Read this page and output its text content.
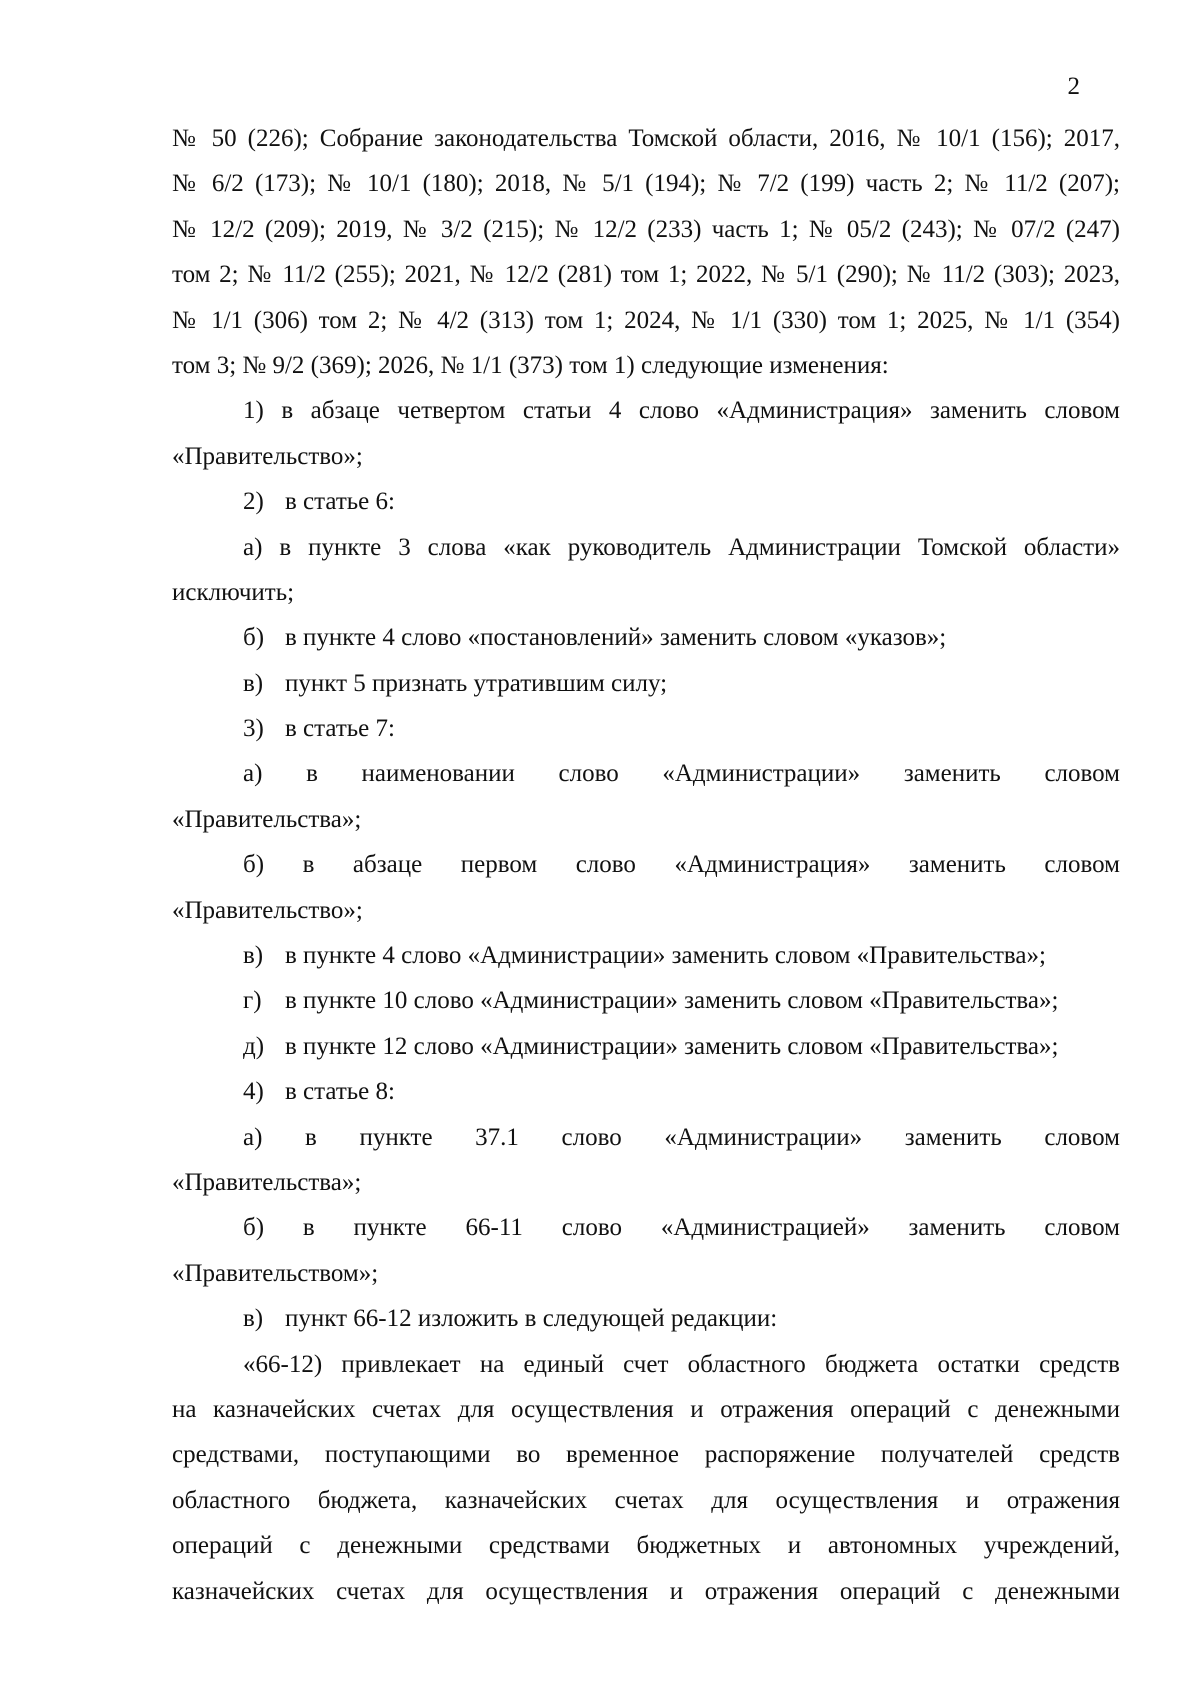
2
№ 50 (226); Собрание законодательства Томской области, 2016, № 10/1 (156); 2017,
№ 6/2 (173); № 10/1 (180); 2018, № 5/1 (194); № 7/2 (199) часть 2; № 11/2 (207);
№ 12/2 (209); 2019, № 3/2 (215); № 12/2 (233) часть 1; № 05/2 (243); № 07/2 (247)
том 2; № 11/2 (255); 2021, № 12/2 (281) том 1; 2022, № 5/1 (290); № 11/2 (303); 2023,
№ 1/1 (306) том 2; № 4/2 (313) том 1; 2024, № 1/1 (330) том 1; 2025, № 1/1 (354)
том 3; № 9/2 (369); 2026, № 1/1 (373) том 1) следующие изменения:
1) в абзаце четвертом статьи 4 слово «Администрация» заменить словом
«Правительство»;
2) в статье 6:
а) в пункте 3 слова «как руководитель Администрации Томской области»
исключить;
б) в пункте 4 слово «постановлений» заменить словом «указов»;
в) пункт 5 признать утратившим силу;
3) в статье 7:
а) в наименовании слово «Администрации» заменить словом
«Правительства»;
б) в абзаце первом слово «Администрация» заменить словом
«Правительство»;
в) в пункте 4 слово «Администрации» заменить словом «Правительства»;
г) в пункте 10 слово «Администрации» заменить словом «Правительства»;
д) в пункте 12 слово «Администрации» заменить словом «Правительства»;
4) в статье 8:
а) в пункте 37.1 слово «Администрации» заменить словом
«Правительства»;
б) в пункте 66-11 слово «Администрацией» заменить словом
«Правительством»;
в) пункт 66-12 изложить в следующей редакции:
«66-12) привлекает на единый счет областного бюджета остатки средств
на казначейских счетах для осуществления и отражения операций с денежными
средствами, поступающими во временное распоряжение получателей средств
областного бюджета, казначейских счетах для осуществления и отражения
операций с денежными средствами бюджетных и автономных учреждений,
казначейских счетах для осуществления и отражения операций с денежными
